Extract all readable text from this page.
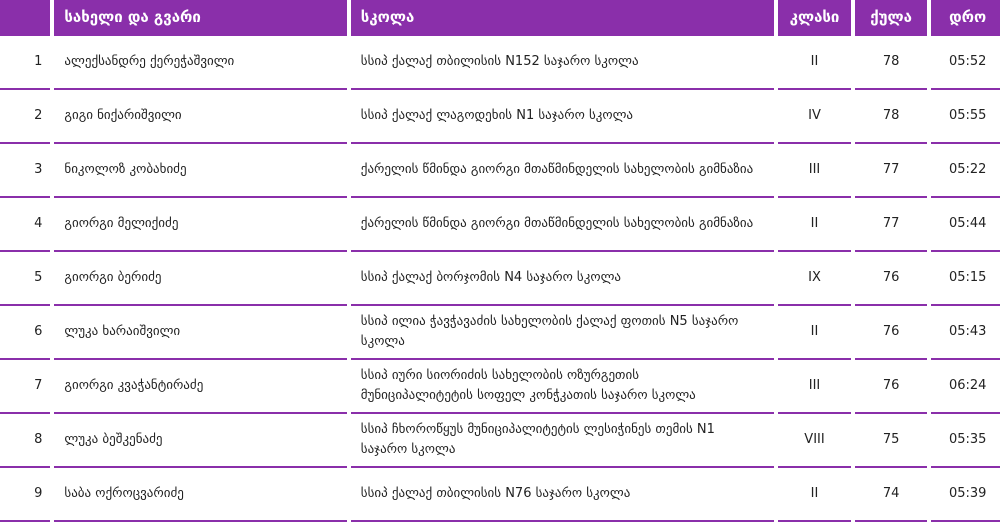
	სახელი და გვარი	სკოლა	კლასი	ქულა	დრო
1	ალექსანდრე ქერეჭაშვილი	სსიპ ქალაქ თბილისის N152 საჯარო სკოლა	II	78	05:52
2	გიგი ნიქარიშვილი	სსიპ ქალაქ ლაგოდეხის N1 საჯარო სკოლა	IV	78	05:55
3	ნიკოლოზ კობახიძე	ქარელის წმინდა გიორგი მთაწმინდელის სახელობის გიმნაზია	III	77	05:22
4	გიორგი მელიქიძე	ქარელის წმინდა გიორგი მთაწმინდელის სახელობის გიმნაზია	II	77	05:44
5	გიორგი ბერიძე	სსიპ ქალაქ ბორჯომის N4 საჯარო სკოლა	IX	76	05:15
6	ლუკა ხარაიშვილი	სსიპ ილია ჭავჭავაძის სახელობის ქალაქ ფოთის N5 საჯარო სკოლა	II	76	05:43
7	გიორგი კვაჭანტირაძე	სსიპ იური სიორიძის სახელობის ოზურგეთის მუნიციპალიტეტის სოფელ კონჭკათის საჯარო სკოლა	III	76	06:24
8	ლუკა ბეშკენაძე	სსიპ ჩხოროწყუს მუნიციპალიტეტის ლესიჭინეს თემის N1 საჯარო სკოლა	VIII	75	05:35
9	საბა ოქროცვარიძე	სსიპ ქალაქ თბილისის N76 საჯარო სკოლა	II	74	05:39
